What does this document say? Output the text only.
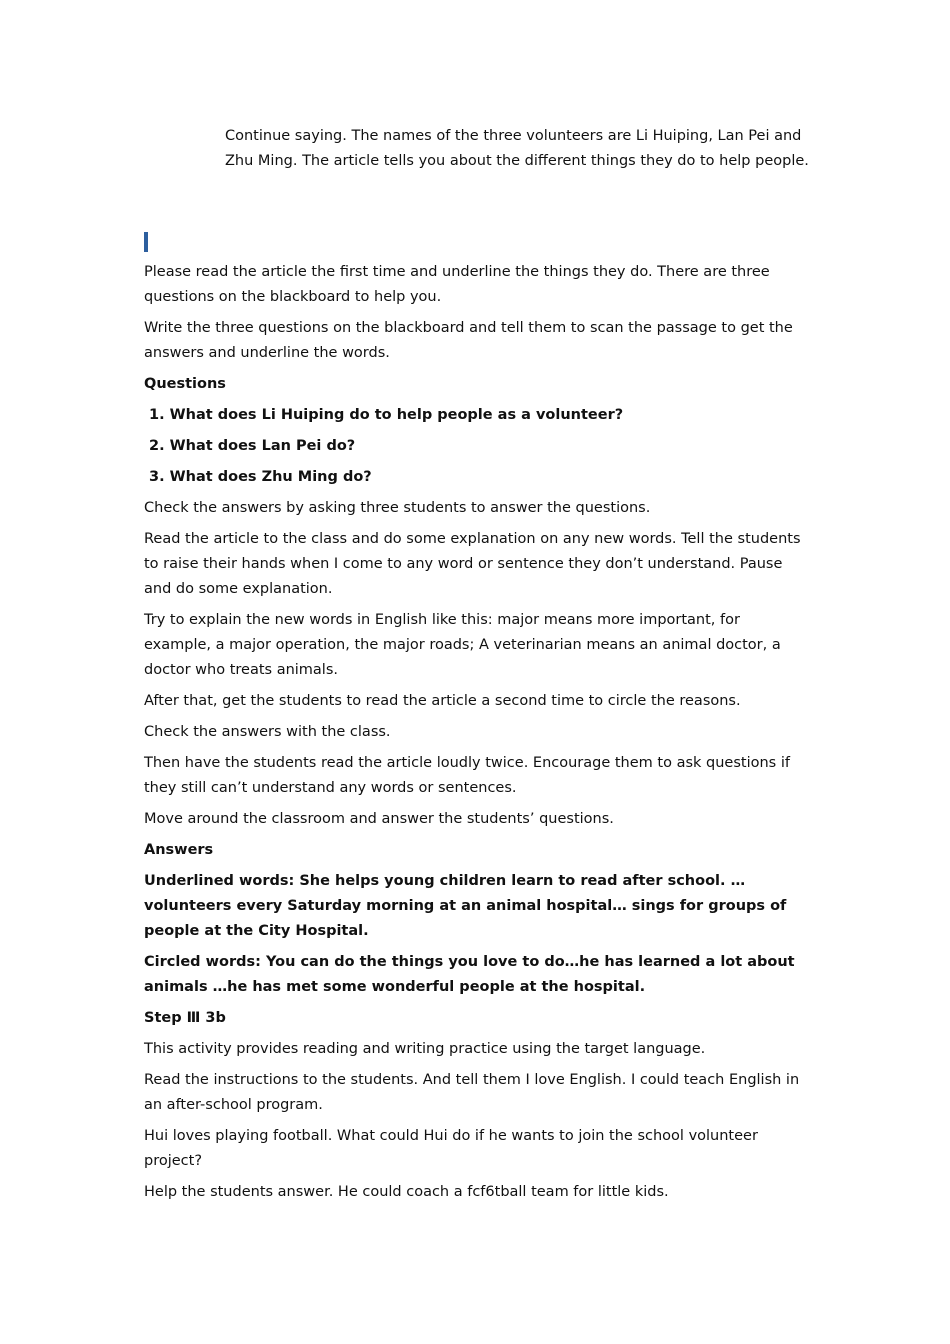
Continue saying. The names of the three volunteers are Li Huiping, Lan Pei and Zhu Ming. The article tells you about the different things they do to help people.

Please read the article the first time and underline the things they do. There are three questions on the blackboard to help you.

Write the three questions on the blackboard and tell them to scan the passage to get the answers and underline the words.

Questions

1. What does Li Huiping do to help people as a volunteer?

2. What does Lan Pei do?

3. What does Zhu Ming do?

Check the answers by asking three students to answer the questions.

Read the article to the class and do some explanation on any new words. Tell the students to raise their hands when I come to any word or sentence they don’t understand. Pause and do some explanation.

Try to explain the new words in English like this: major means more important, for example, a major operation, the major roads; A veterinarian means an animal doctor, a doctor who treats animals.

After that, get the students to read the article a second time to circle the reasons.

Check the answers with the class.

Then have the students read the article loudly twice. Encourage them to ask questions if they still can’t understand any words or sentences.

Move around the classroom and answer the students’ questions.

Answers

Underlined words: She helps young children learn to read after school. …volunteers every Saturday morning at an animal hospital… sings for groups of people at the City Hospital.

Circled words: You can do the things you love to do…he has learned a lot about animals …he has met some wonderful people at the hospital.

Step Ⅲ 3b

This activity provides reading and writing practice using the target language.

Read the instructions to the students. And tell them I love English. I could teach English in an after-school program.

Hui loves playing football. What could Hui do if he wants to join the school volunteer project?

Help the students answer. He could coach a fcf6tball team for little kids.
